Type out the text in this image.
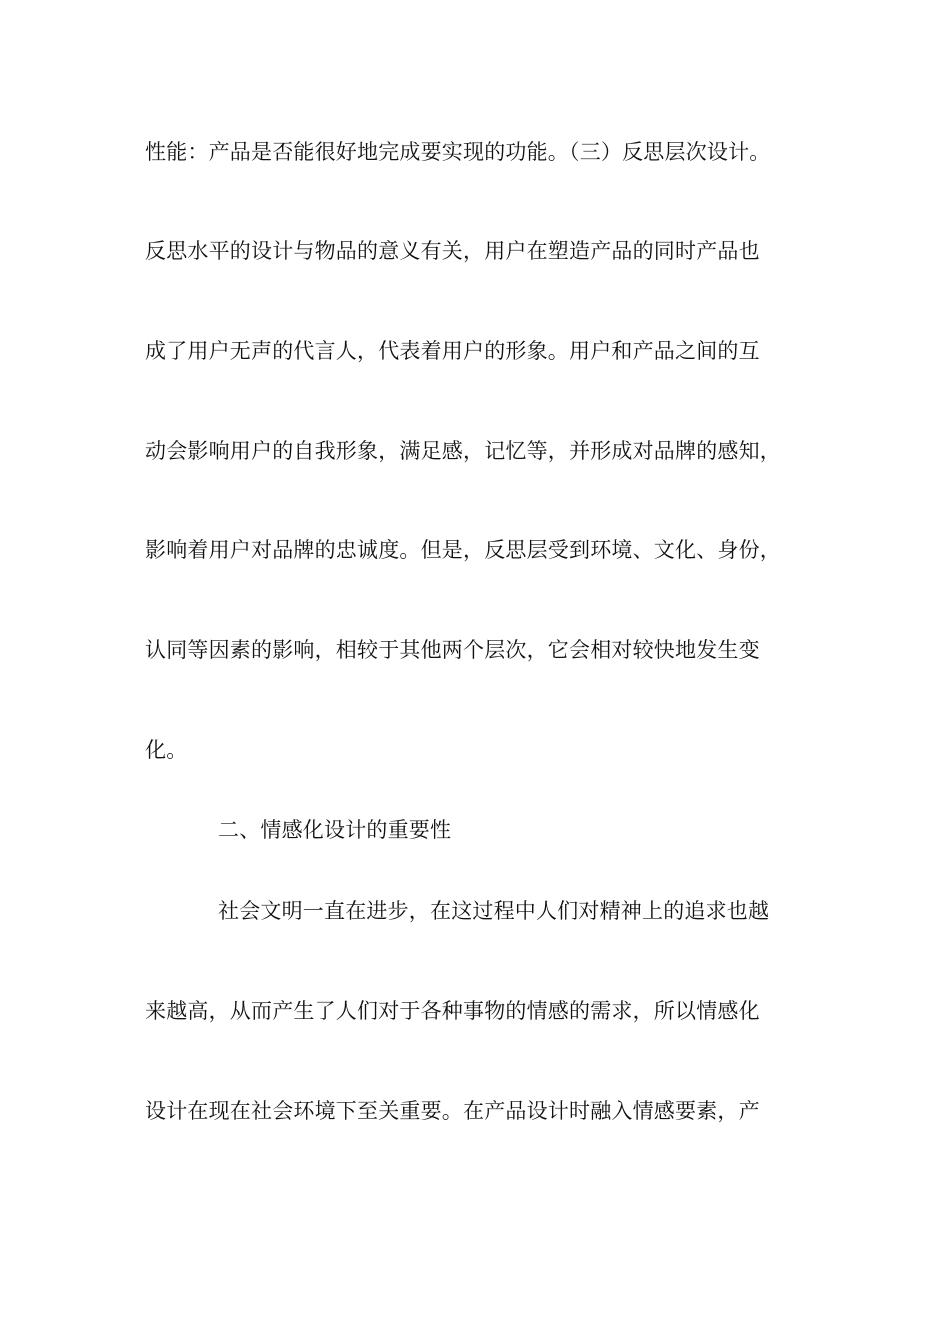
性能：产品是否能很好地完成要实现的功能。（三）反思层次设计。
反思水平的设计与物品的意义有关，用户在塑造产品的同时产品也
成了用户无声的代言人，代表着用户的形象。用户和产品之间的互
动会影响用户的自我形象，满足感，记忆等，并形成对品牌的感知，
影响着用户对品牌的忠诚度。但是，反思层受到环境、文化、身份，
认同等因素的影响，相较于其他两个层次，它会相对较快地发生变
化。
二、情感化设计的重要性
社会文明一直在进步，在这过程中人们对精神上的追求也越
来越高，从而产生了人们对于各种事物的情感的需求，所以情感化
设计在现在社会环境下至关重要。在产品设计时融入情感要素，产
